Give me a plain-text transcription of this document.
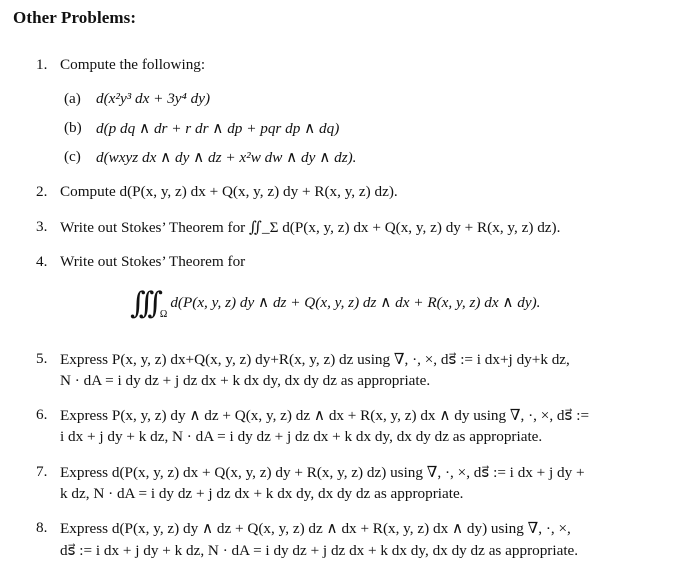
Other Problems:
1. Compute the following:
(a) d(x²y³ dx + 3y⁴ dy)
(b) d(p dq ∧ dr + r dr ∧ dp + pqr dp ∧ dq)
(c) d(wxyz dx ∧ dy ∧ dz + x²w dw ∧ dy ∧ dz).
2. Compute d(P(x, y, z) dx + Q(x, y, z) dy + R(x, y, z) dz).
3. Write out Stokes’ Theorem for ∬_Σ d(P(x, y, z) dx + Q(x, y, z) dy + R(x, y, z) dz).
4. Write out Stokes’ Theorem for
∫∫∫ $_\Omega$d(P(x, y, z) dy ∧ dz + Q(x, y, z) dz ∧ dx + R(x, y, z) dx ∧ dy).
5. Express P(x, y, z) dx+Q(x, y, z) dy+R(x, y, z) dz using ∇, ·, ×, ds⃗ := i dx+j dy+k dz,
N · dA = i dy dz + j dz dx + k dx dy, dx dy dz as appropriate.
6. Express P(x, y, z) dy ∧ dz + Q(x, y, z) dz ∧ dx + R(x, y, z) dx ∧ dy using ∇, ·, ×, ds⃗ :=
i dx + j dy + k dz, N · dA = i dy dz + j dz dx + k dx dy, dx dy dz as appropriate.
7. Express d(P(x, y, z) dx + Q(x, y, z) dy + R(x, y, z) dz) using ∇, ·, ×, ds⃗ := i dx + j dy +
k dz, N · dA = i dy dz + j dz dx + k dx dy, dx dy dz as appropriate.
8. Express d(P(x, y, z) dy ∧ dz + Q(x, y, z) dz ∧ dx + R(x, y, z) dx ∧ dy) using ∇, ·, ×,
ds⃗ := i dx + j dy + k dz, N · dA = i dy dz + j dz dx + k dx dy, dx dy dz as appropriate.
